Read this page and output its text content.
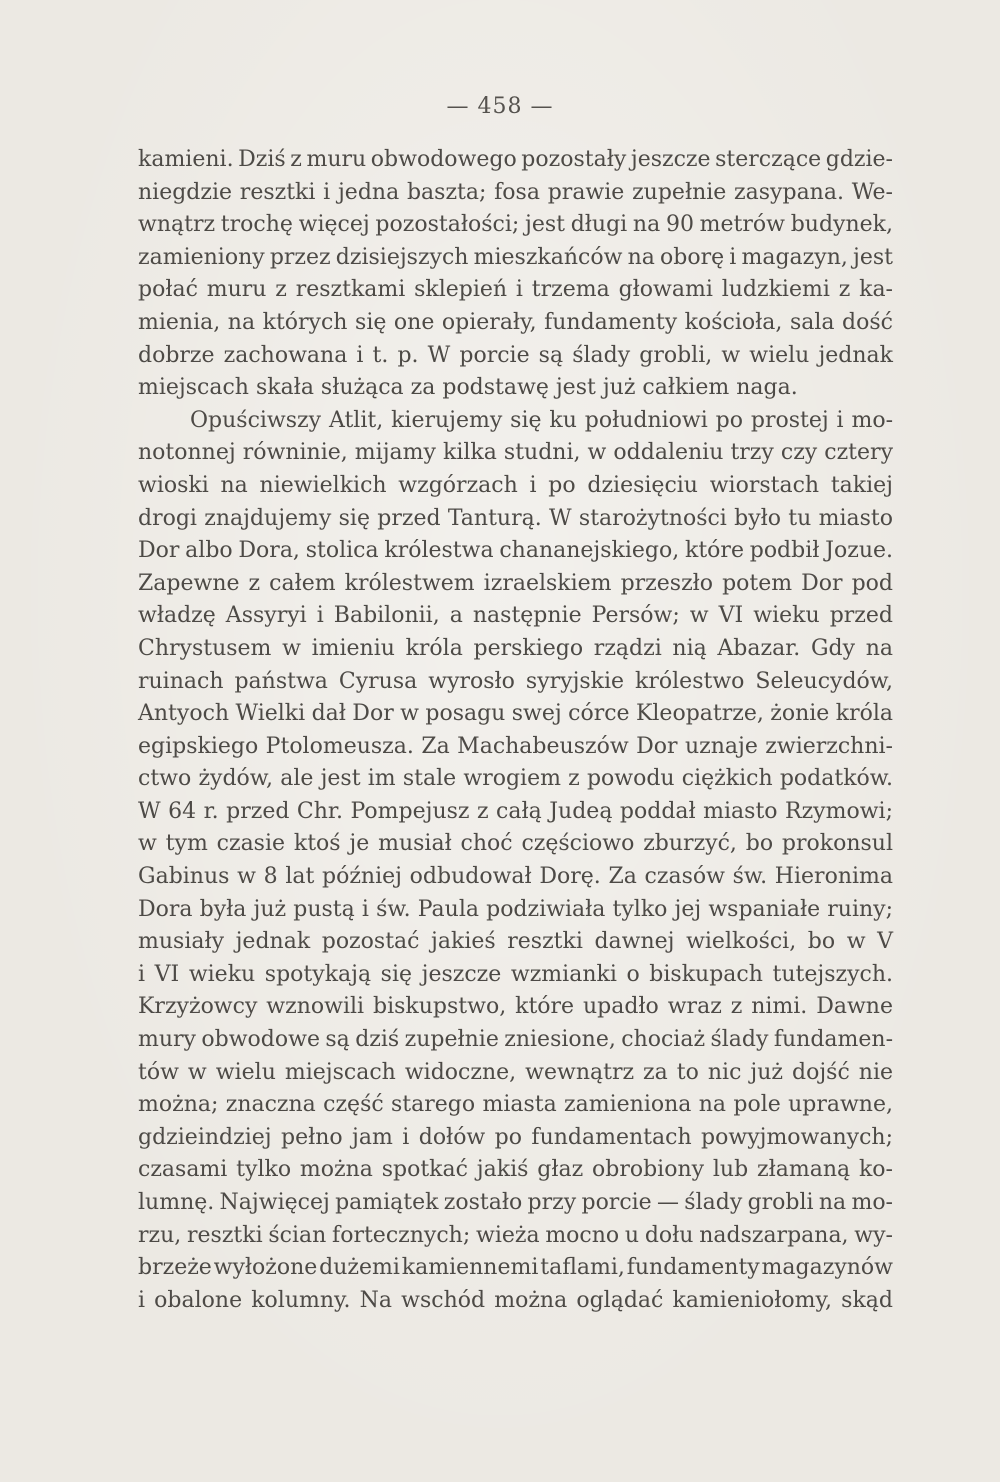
— 458 —

kamieni. Dziś z muru obwodowego pozostały jeszcze sterczące gdzie-
niegdzie resztki i jedna baszta; fosa prawie zupełnie zasypana. We-
wnątrz trochę więcej pozostałości; jest długi na 90 metrów budynek,
zamieniony przez dzisiejszych mieszkańców na oborę i magazyn, jest
połać muru z resztkami sklepień i trzema głowami ludzkiemi z ka-
mienia, na których się one opierały, fundamenty kościoła, sala dość
dobrze zachowana i t. p. W porcie są ślady grobli, w wielu jednak
miejscach skała służąca za podstawę jest już całkiem naga.

Opuściwszy Atlit, kierujemy się ku południowi po prostej i mo-
notonnej równinie, mijamy kilka studni, w oddaleniu trzy czy cztery
wioski na niewielkich wzgórzach i po dziesięciu wiorstach takiej
drogi znajdujemy się przed Tanturą. W starożytności było tu miasto
Dor albo Dora, stolica królestwa chananejskiego, które podbił Jozue.
Zapewne z całem królestwem izraelskiem przeszło potem Dor pod
władzę Assyryi i Babilonii, a następnie Persów; w VI wieku przed
Chrystusem w imieniu króla perskiego rządzi nią Abazar. Gdy na
ruinach państwa Cyrusa wyrosło syryjskie królestwo Seleucydów,
Antyoch Wielki dał Dor w posagu swej córce Kleopatrze, żonie króla
egipskiego Ptolomeusza. Za Machabeuszów Dor uznaje zwierzchni-
ctwo żydów, ale jest im stale wrogiem z powodu ciężkich podatków.
W 64 r. przed Chr. Pompejusz z całą Judeą poddał miasto Rzymowi;
w tym czasie ktoś je musiał choć częściowo zburzyć, bo prokonsul
Gabinus w 8 lat później odbudował Dorę. Za czasów św. Hieronima
Dora była już pustą i św. Paula podziwiała tylko jej wspaniałe ruiny;
musiały jednak pozostać jakieś resztki dawnej wielkości, bo w V
i VI wieku spotykają się jeszcze wzmianki o biskupach tutejszych.
Krzyżowcy wznowili biskupstwo, które upadło wraz z nimi. Dawne
mury obwodowe są dziś zupełnie zniesione, chociaż ślady fundamen-
tów w wielu miejscach widoczne, wewnątrz za to nic już dojść nie
można; znaczna część starego miasta zamieniona na pole uprawne,
gdzieindziej pełno jam i dołów po fundamentach powyjmowanych;
czasami tylko można spotkać jakiś głaz obrobiony lub złamaną ko-
lumnę. Najwięcej pamiątek zostało przy porcie — ślady grobli na mo-
rzu, resztki ścian fortecznych; wieża mocno u dołu nadszarpana, wy-
brzeże wyłożone dużemi kamiennemi taflami, fundamenty magazynów
i obalone kolumny. Na wschód można oglądać kamieniołomy, skąd
